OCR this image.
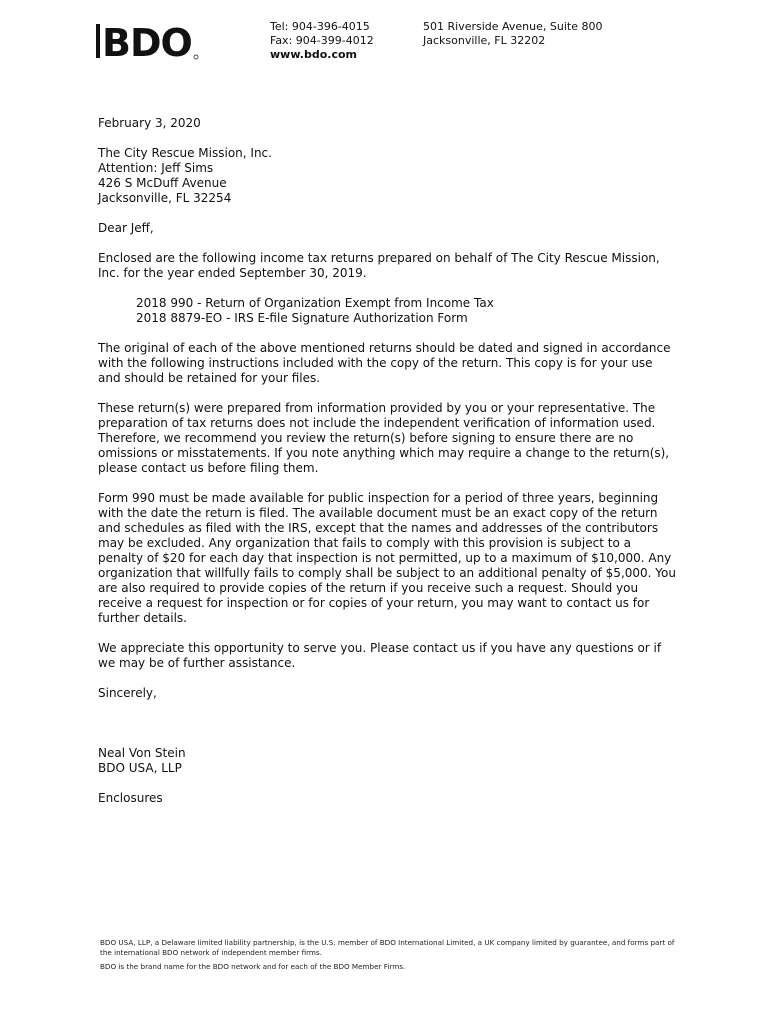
BDO	Tel: 904-396-4015
Fax: 904-399-4012
www.bdo.com
501 Riverside Avenue, Suite 800
Jacksonville, FL 32202

February 3, 2020

The City Rescue Mission, Inc.
Attention: Jeff Sims
426 S McDuff Avenue
Jacksonville, FL 32254

Dear Jeff,

Enclosed are the following income tax returns prepared on behalf of The City Rescue Mission, Inc. for the year ended September 30, 2019.

2018 990 - Return of Organization Exempt from Income Tax
2018 8879-EO - IRS E-file Signature Authorization Form

The original of each of the above mentioned returns should be dated and signed in accordance with the following instructions included with the copy of the return. This copy is for your use and should be retained for your files.

These return(s) were prepared from information provided by you or your representative. The preparation of tax returns does not include the independent verification of information used. Therefore, we recommend you review the return(s) before signing to ensure there are no omissions or misstatements. If you note anything which may require a change to the return(s), please contact us before filing them.

Form 990 must be made available for public inspection for a period of three years, beginning with the date the return is filed. The available document must be an exact copy of the return and schedules as filed with the IRS, except that the names and addresses of the contributors may be excluded. Any organization that fails to comply with this provision is subject to a penalty of $20 for each day that inspection is not permitted, up to a maximum of $10,000. Any organization that willfully fails to comply shall be subject to an additional penalty of $5,000. You are also required to provide copies of the return if you receive such a request. Should you receive a request for inspection or for copies of your return, you may want to contact us for further details.

We appreciate this opportunity to serve you. Please contact us if you have any questions or if we may be of further assistance.

Sincerely,

Neal Von Stein
BDO USA, LLP
Enclosures
BDO USA, LLP, a Delaware limited liability partnership, is the U.S. member of BDO International Limited, a UK company limited by guarantee, and forms part of the international BDO network of independent member firms.
BDO is the brand name for the BDO network and for each of the BDO Member Firms.
